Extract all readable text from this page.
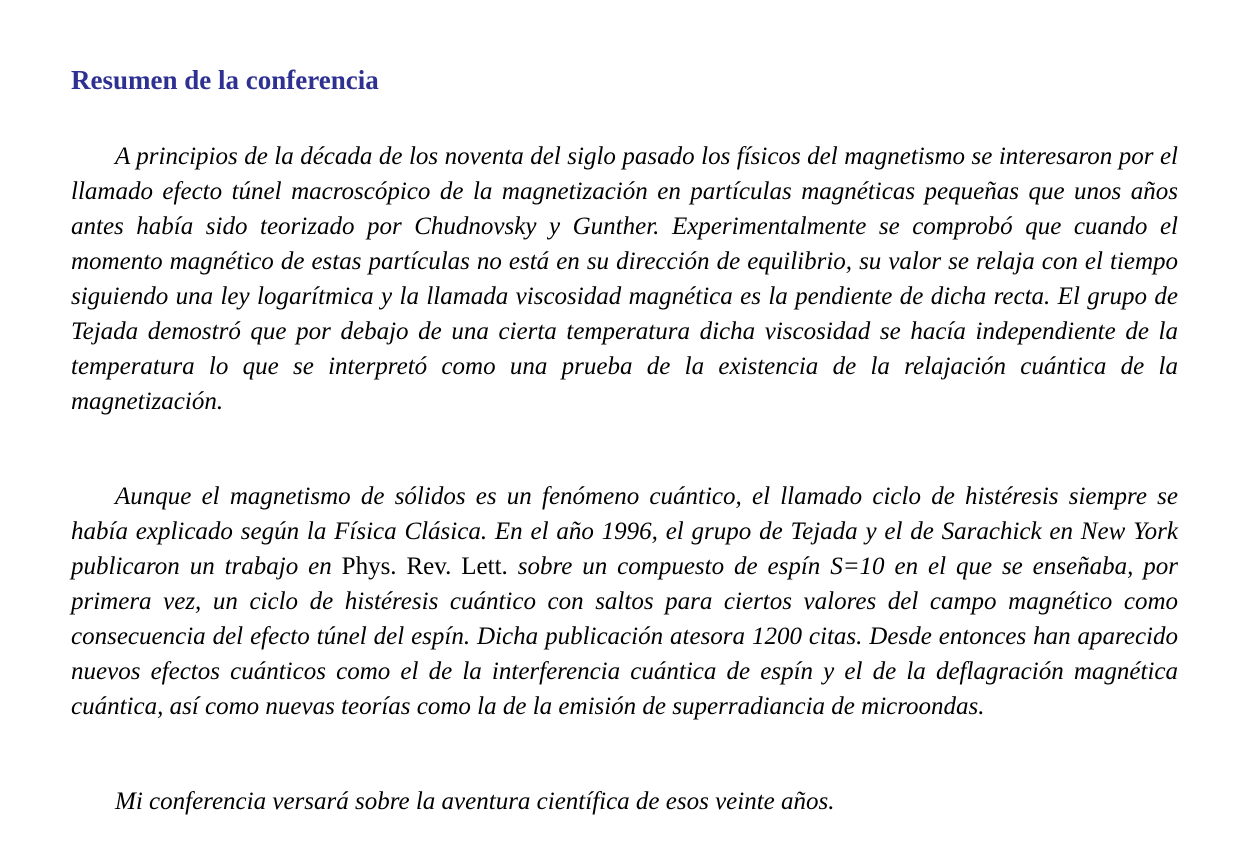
Resumen de la conferencia

A principios de la década de los noventa del siglo pasado los físicos del magnetismo se interesaron por el llamado efecto túnel macroscópico de la magnetización en partículas magnéticas pequeñas que unos años antes había sido teorizado por Chudnovsky y Gunther. Experimentalmente se comprobó que cuando el momento magnético de estas partículas no está en su dirección de equilibrio, su valor se relaja con el tiempo siguiendo una ley logarítmica y la llamada viscosidad magnética es la pendiente de dicha recta. El grupo de Tejada demostró que por debajo de una cierta temperatura dicha viscosidad se hacía independiente de la temperatura lo que se interpretó como una prueba de la existencia de la relajación cuántica de la magnetización.

Aunque el magnetismo de sólidos es un fenómeno cuántico, el llamado ciclo de histéresis siempre se había explicado según la Física Clásica. En el año 1996, el grupo de Tejada y el de Sarachick en New York publicaron un trabajo en Phys. Rev. Lett. sobre un compuesto de espín S=10 en el que se enseñaba, por primera vez, un ciclo de histéresis cuántico con saltos para ciertos valores del campo magnético como consecuencia del efecto túnel del espín. Dicha publicación atesora 1200 citas. Desde entonces han aparecido nuevos efectos cuánticos como el de la interferencia cuántica de espín y el de la deflagración magnética cuántica, así como nuevas teorías como la de la emisión de superradiancia de microondas.

Mi conferencia versará sobre la aventura científica de esos veinte años.
